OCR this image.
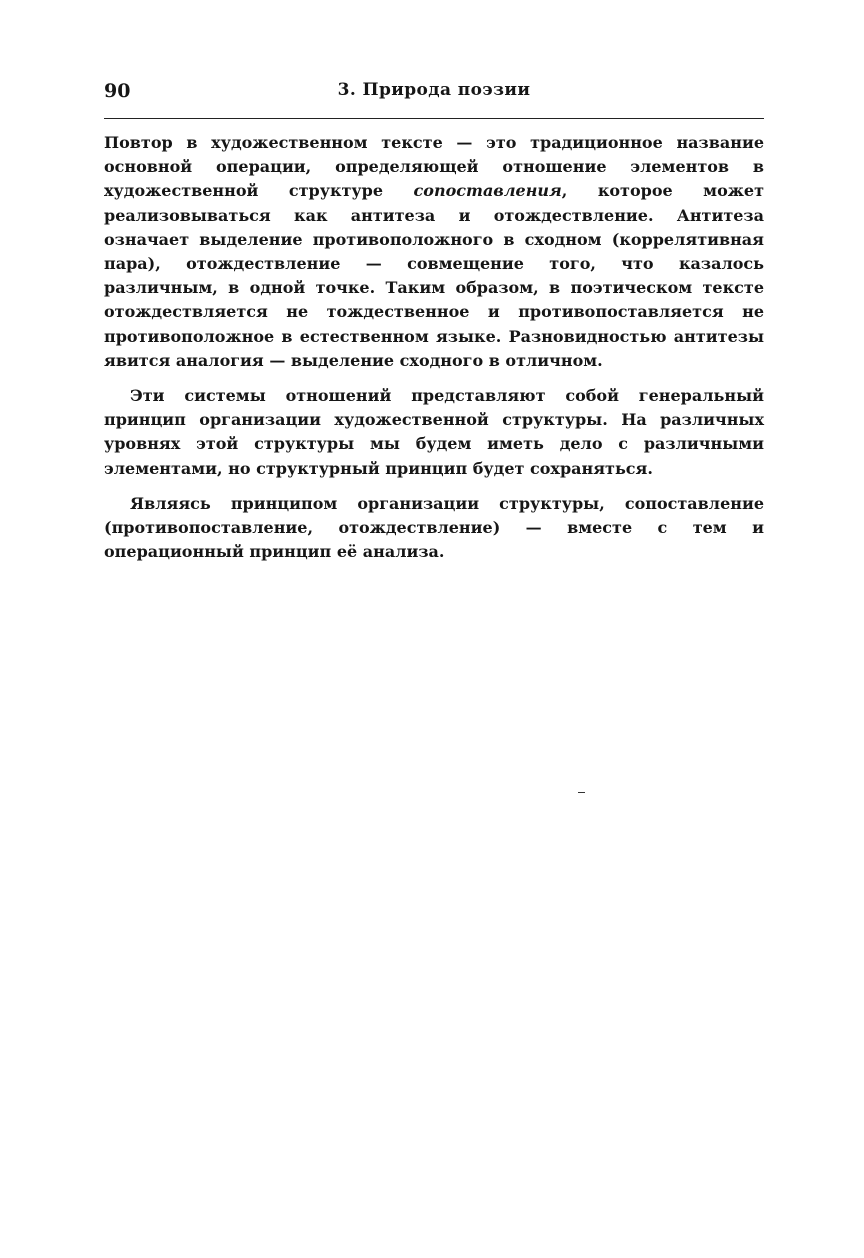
90	3. Природа поэзии

Повтор в художественном тексте — это традиционное название основной операции, определяющей отношение элементов в художественной структуре сопоставления, которое может реализовываться как антитеза и отождествление. Антитеза означает выделение противоположного в сходном (коррелятивная пара), отождествление — совмещение того, что казалось различным, в одной точке. Таким образом, в поэтическом тексте отождествляется не тождественное и противопоставляется не противоположное в естественном языке. Разновидностью антитезы явится аналогия — выделение сходного в отличном.

Эти системы отношений представляют собой генеральный принцип организации художественной структуры. На различных уровнях этой структуры мы будем иметь дело с различными элементами, но структурный принцип будет сохраняться.

Являясь принципом организации структуры, сопоставление (противопоставление, отождествление) — вместе с тем и операционный принцип её анализа.
